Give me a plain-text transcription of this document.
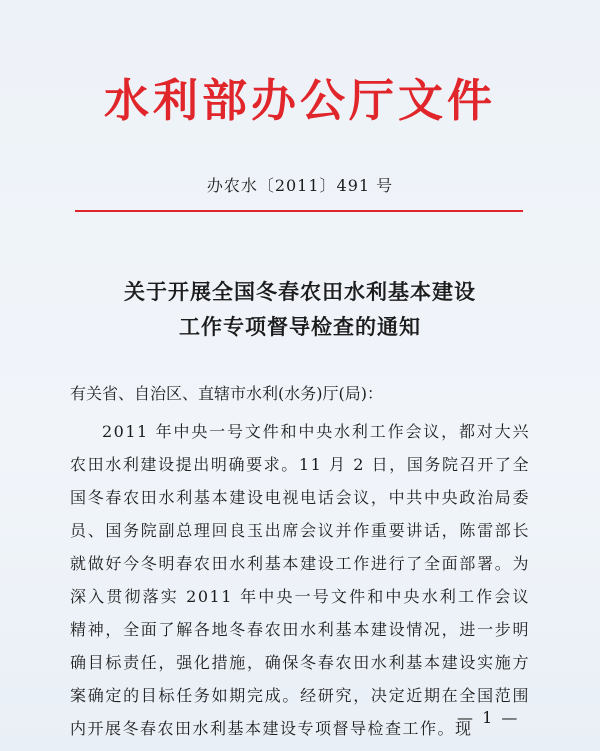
水利部办公厅文件
办农水〔2011〕491 号
关于开展全国冬春农田水利基本建设
工作专项督导检查的通知
有关省、自治区、直辖市水利(水务)厅(局)：
2011 年中央一号文件和中央水利工作会议，都对大兴农田水利建设提出明确要求。11 月 2 日，国务院召开了全国冬春农田水利基本建设电视电话会议，中共中央政治局委员、国务院副总理回良玉出席会议并作重要讲话，陈雷部长就做好今冬明春农田水利基本建设工作进行了全面部署。为深入贯彻落实 2011 年中央一号文件和中央水利工作会议精神，全面了解各地冬春农田水利基本建设情况，进一步明确目标责任，强化措施，确保冬春农田水利基本建设实施方案确定的目标任务如期完成。经研究，决定近期在全国范围内开展冬春农田水利基本建设专项督导检查工作。现
— 1 —
